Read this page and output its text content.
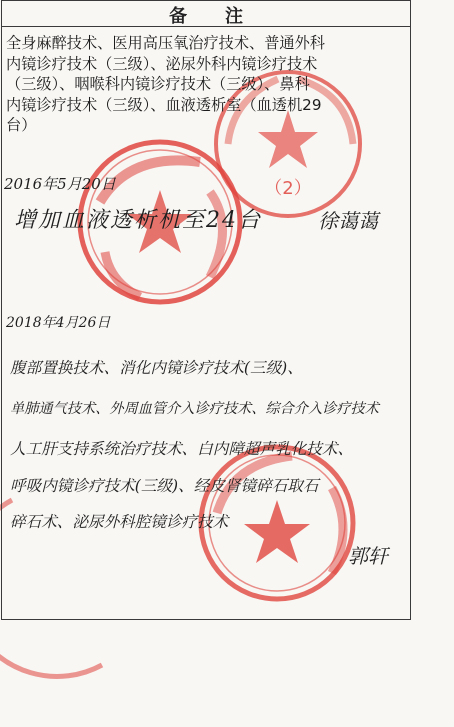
（2）
备注
全身麻醉技术、医用高压氧治疗技术、普通外科
内镜诊疗技术（三级）、泌尿外科内镜诊疗技术
（三级）、咽喉科内镜诊疗技术（三级）、鼻科
内镜诊疗技术（三级）、血液透析室（血透机29
台）
2016年5月20日
增加血液透析机至24台	徐蔼蔼
2018年4月26日
腹部置换技术、消化内镜诊疗技术(三级)、
单肺通气技术、外周血管介入诊疗技术、综合介入诊疗技术
人工肝支持系统治疗技术、白内障超声乳化技术、
呼吸内镜诊疗技术(三级)、经皮肾镜碎石取石
碎石术、泌尿外科腔镜诊疗技术
郭轩
